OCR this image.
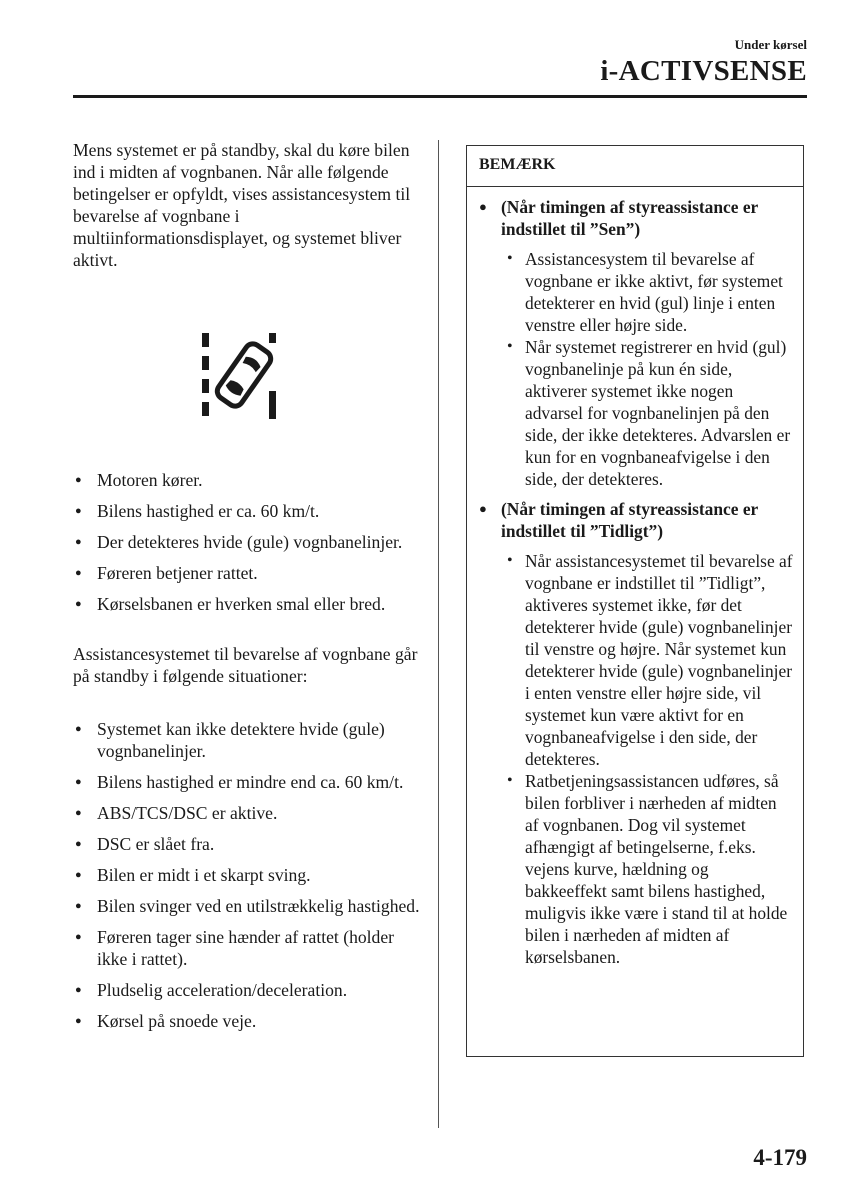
Under kørsel
i-ACTIVSENSE

Mens systemet er på standby, skal du køre bilen ind i midten af vognbanen. Når alle følgende betingelser er opfyldt, vises assistancesystem til bevarelse af vognbane i multiinformationsdisplayet, og systemet bliver aktivt.

● Motoren kører.
● Bilens hastighed er ca. 60 km/t.
● Der detekteres hvide (gule) vognbanelinjer.
● Føreren betjener rattet.
● Kørselsbanen er hverken smal eller bred.

Assistancesystemet til bevarelse af vognbane går på standby i følgende situationer:

● Systemet kan ikke detektere hvide (gule) vognbanelinjer.
● Bilens hastighed er mindre end ca. 60 km/t.
● ABS/TCS/DSC er aktive.
● DSC er slået fra.
● Bilen er midt i et skarpt sving.
● Bilen svinger ved en utilstrækkelig hastighed.
● Føreren tager sine hænder af rattet (holder ikke i rattet).
● Pludselig acceleration/deceleration.
● Kørsel på snoede veje.
BEMÆRK
● (Når timingen af styreassistance er indstillet til ”Sen”)
• Assistancesystem til bevarelse af vognbane er ikke aktivt, før systemet detekterer en hvid (gul) linje i enten venstre eller højre side.
• Når systemet registrerer en hvid (gul) vognbanelinje på kun én side, aktiverer systemet ikke nogen advarsel for vognbanelinjen på den side, der ikke detekteres. Advarslen er kun for en vognbaneafvigelse i den side, der detekteres.
● (Når timingen af styreassistance er indstillet til ”Tidligt”)
• Når assistancesystemet til bevarelse af vognbane er indstillet til ”Tidligt”, aktiveres systemet ikke, før det detekterer hvide (gule) vognbanelinjer til venstre og højre. Når systemet kun detekterer hvide (gule) vognbanelinjer i enten venstre eller højre side, vil systemet kun være aktivt for en vognbaneafvigelse i den side, der detekteres.
• Ratbetjeningsassistancen udføres, så bilen forbliver i nærheden af midten af vognbanen. Dog vil systemet afhængigt af betingelserne, f.eks. vejens kurve, hældning og bakkeeffekt samt bilens hastighed, muligvis ikke være i stand til at holde bilen i nærheden af midten af kørselsbanen.
4-179
